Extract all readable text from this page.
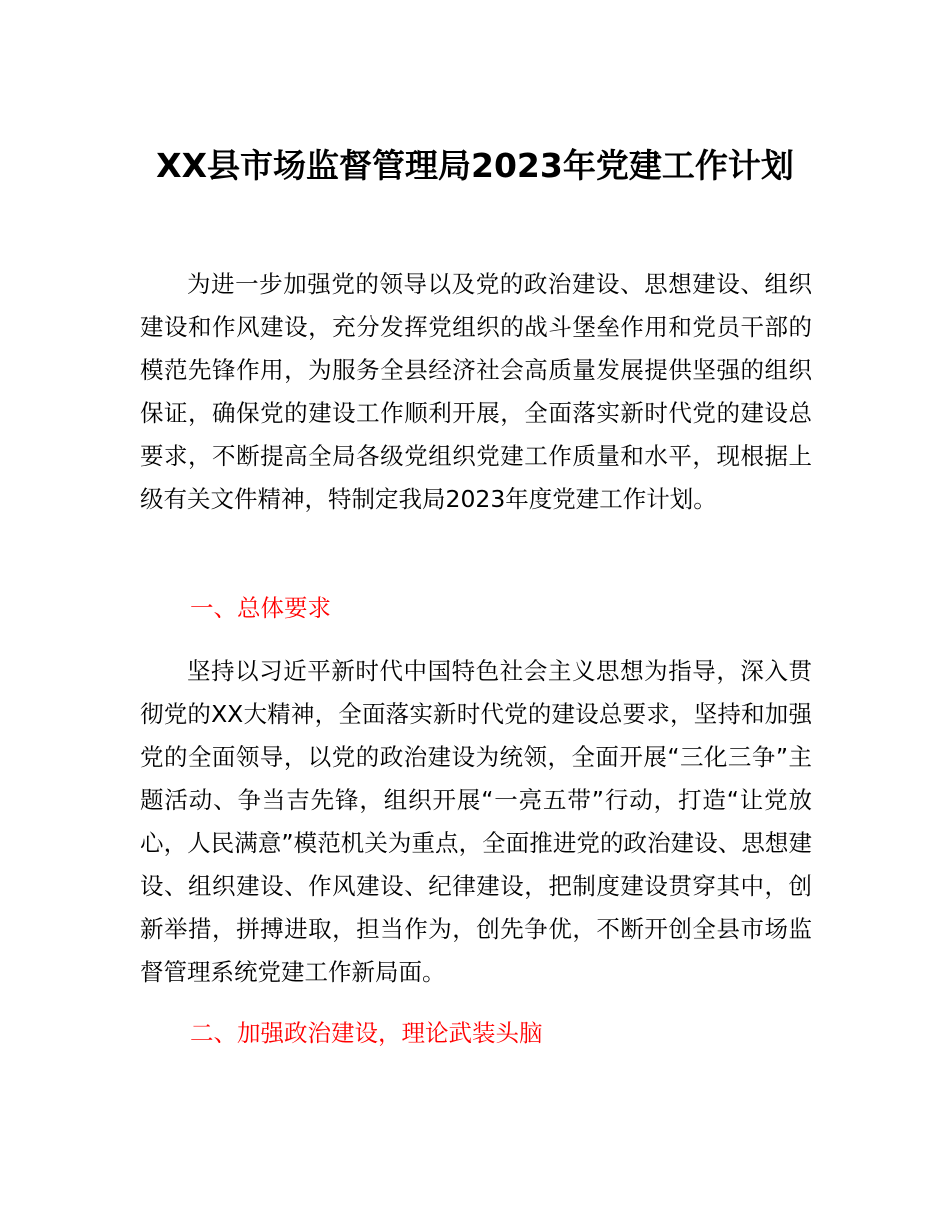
XX县市场监督管理局2023年党建工作计划

为进一步加强党的领导以及党的政治建设、思想建设、组织建设和作风建设，充分发挥党组织的战斗堡垒作用和党员干部的模范先锋作用，为服务全县经济社会高质量发展提供坚强的组织保证，确保党的建设工作顺利开展，全面落实新时代党的建设总要求，不断提高全局各级党组织党建工作质量和水平，现根据上级有关文件精神，特制定我局2023年度党建工作计划。

一、总体要求

坚持以习近平新时代中国特色社会主义思想为指导，深入贯彻党的XX大精神，全面落实新时代党的建设总要求，坚持和加强党的全面领导，以党的政治建设为统领，全面开展“三化三争”主题活动、争当吉先锋，组织开展“一亮五带”行动，打造“让党放心，人民满意”模范机关为重点，全面推进党的政治建设、思想建设、组织建设、作风建设、纪律建设，把制度建设贯穿其中，创新举措，拼搏进取，担当作为，创先争优，不断开创全县市场监督管理系统党建工作新局面。

二、加强政治建设，理论武装头脑
